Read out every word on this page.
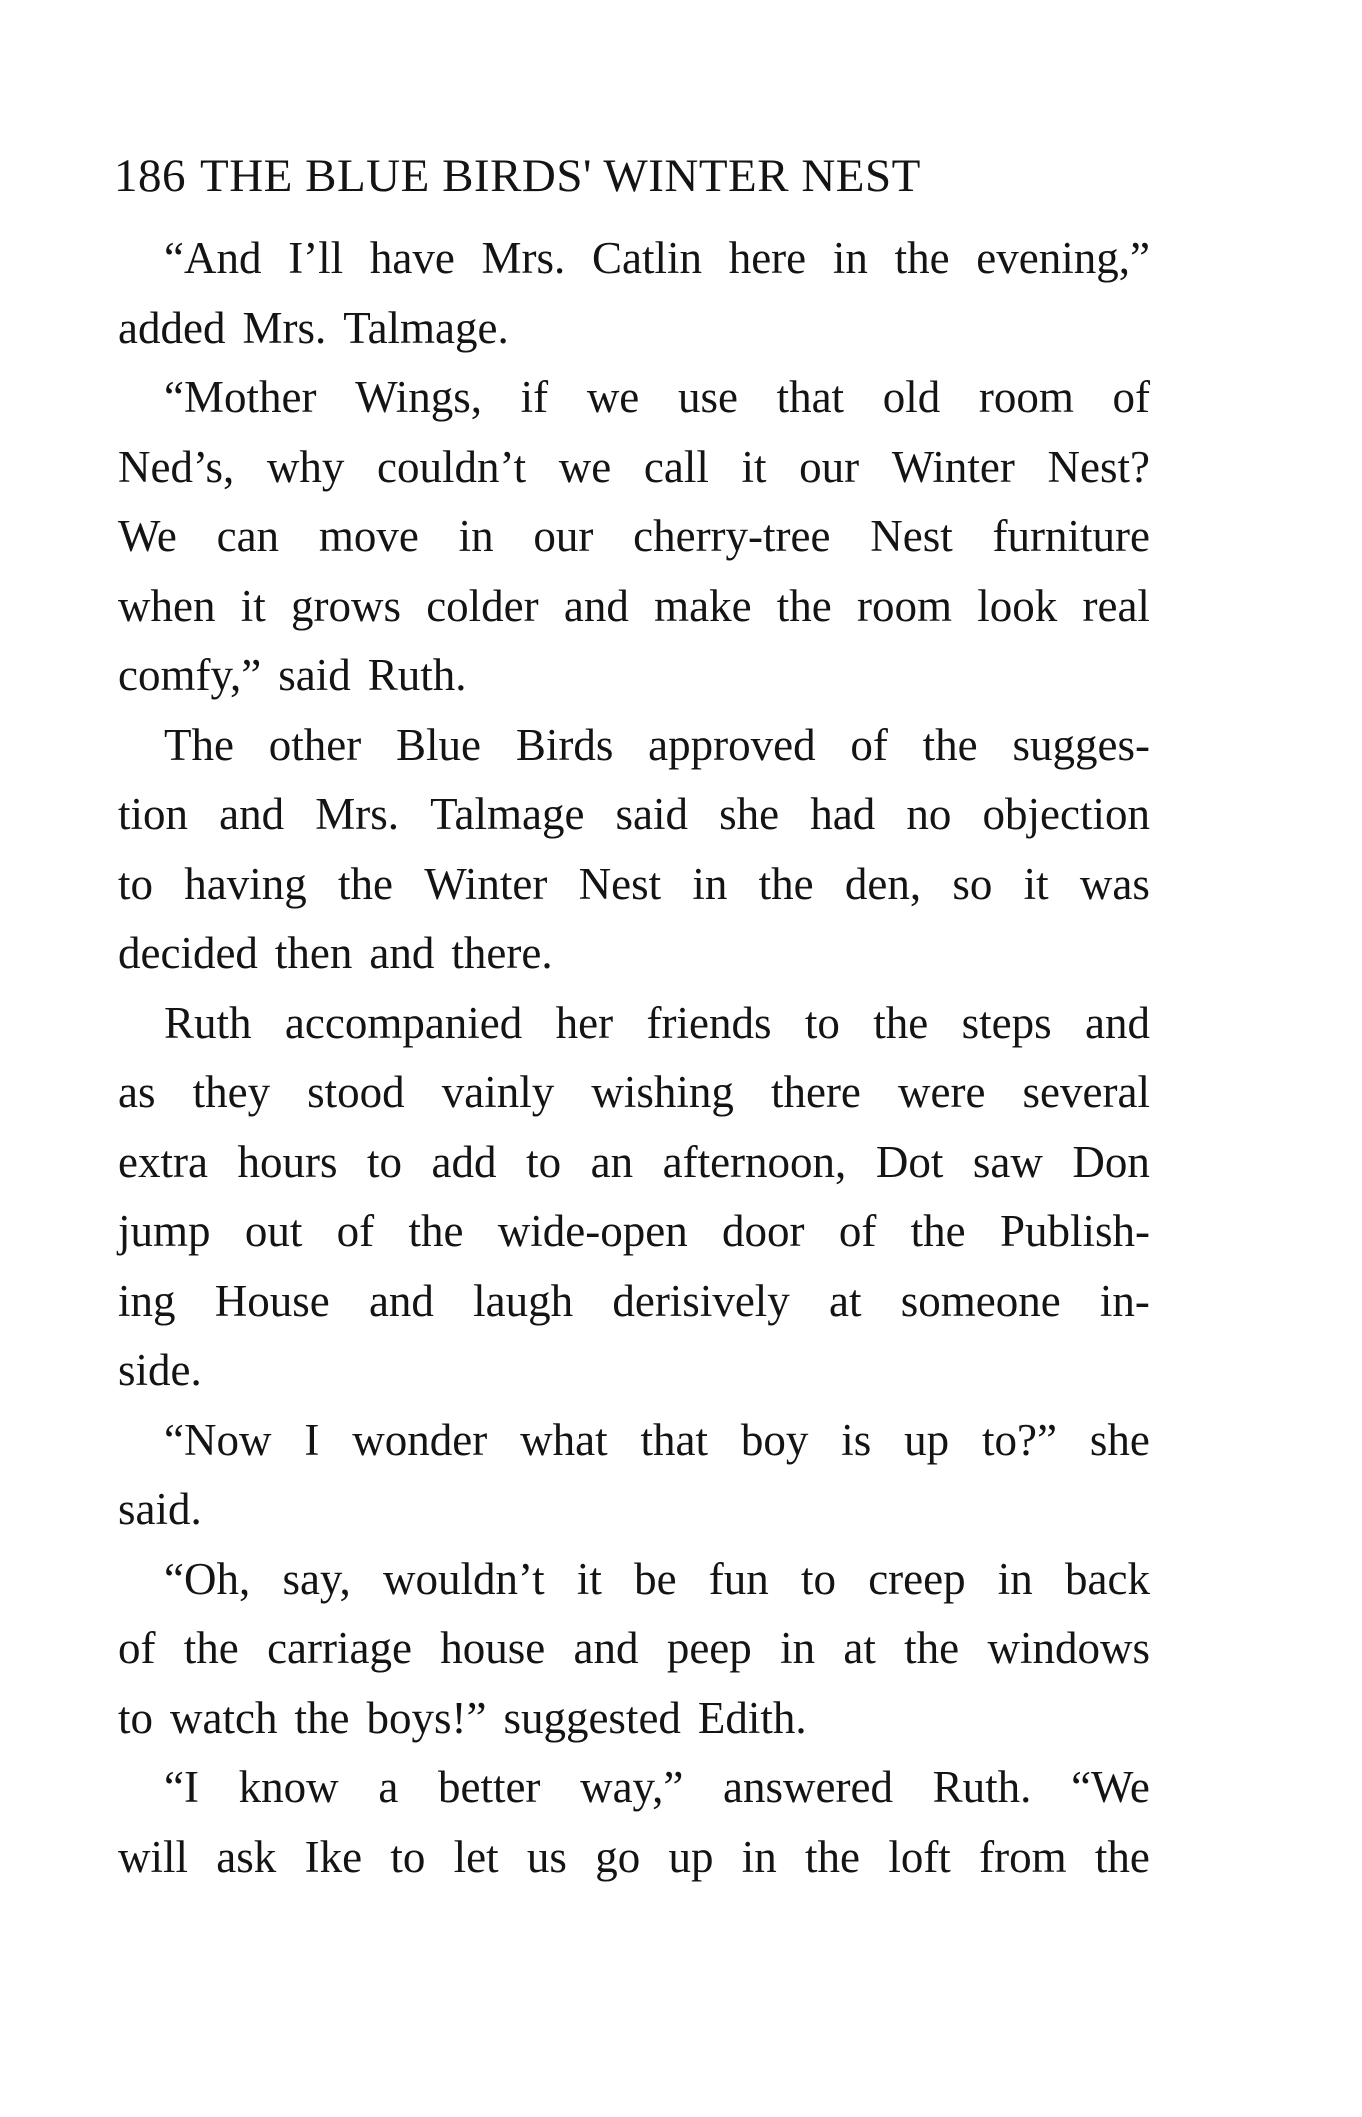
186 THE BLUE BIRDS' WINTER NEST
“And I’ll have Mrs. Catlin here in the evening,”
added Mrs. Talmage.
“Mother Wings, if we use that old room of
Ned’s, why couldn’t we call it our Winter Nest?
We can move in our cherry-tree Nest furniture
when it grows colder and make the room look real
comfy,” said Ruth.
The other Blue Birds approved of the sugges-
tion and Mrs. Talmage said she had no objection
to having the Winter Nest in the den, so it was
decided then and there.
Ruth accompanied her friends to the steps and
as they stood vainly wishing there were several
extra hours to add to an afternoon, Dot saw Don
jump out of the wide-open door of the Publish-
ing House and laugh derisively at someone in-
side.
“Now I wonder what that boy is up to?” she
said.
“Oh, say, wouldn’t it be fun to creep in back
of the carriage house and peep in at the windows
to watch the boys!” suggested Edith.
“I know a better way,” answered Ruth. “We
will ask Ike to let us go up in the loft from the
